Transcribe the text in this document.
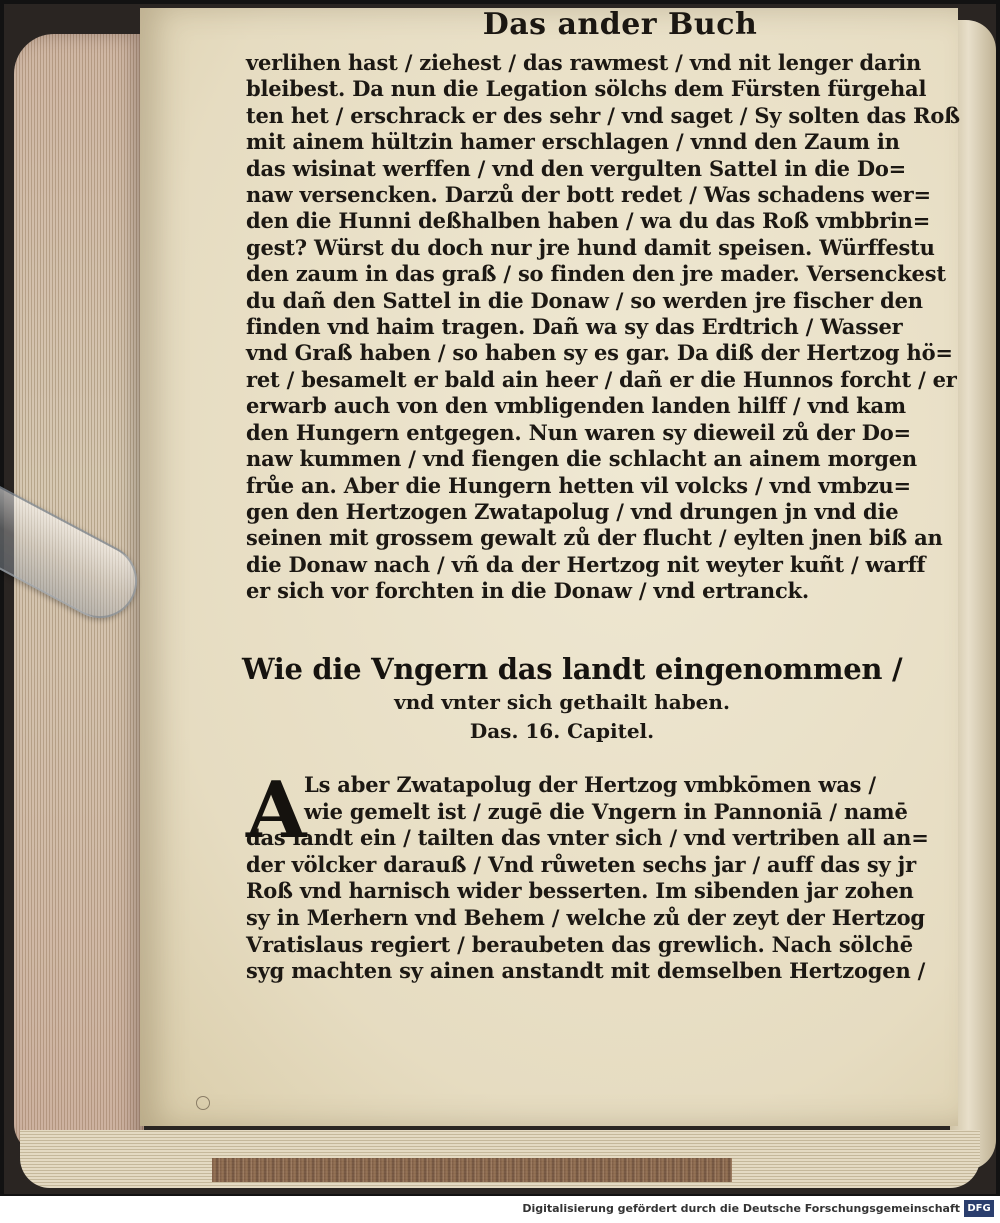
Das ander Buch
verlihen hast / ziehest / das rawmest / vnd nit lenger darin
bleibest. Da nun die Legation sölchs dem Fürsten fürgehal
ten het / erschrack er des sehr / vnd saget / Sy solten das Roß
mit ainem hültzin hamer erschlagen / vnnd den Zaum in
das wisinat werffen / vnd den vergulten Sattel in die Do=
naw versencken. Darzů der bott redet / Was schadens wer=
den die Hunni deßhalben haben / wa du das Roß vmbbrin=
gest? Würst du doch nur jre hund damit speisen. Würffestu
den zaum in das graß / so finden den jre mader. Versenckest
du dañ den Sattel in die Donaw / so werden jre fischer den
finden vnd haim tragen. Dañ wa sy das Erdtrich / Wasser
vnd Graß haben / so haben sy es gar. Da diß der Hertzog hö=
ret / besamelt er bald ain heer / dañ er die Hunnos forcht / er
erwarb auch von den vmbligenden landen hilff / vnd kam
den Hungern entgegen. Nun waren sy dieweil zů der Do=
naw kummen / vnd fiengen die schlacht an ainem morgen
frůe an. Aber die Hungern hetten vil volcks / vnd vmbzu=
gen den Hertzogen Zwatapolug / vnd drungen jn vnd die
seinen mit grossem gewalt zů der flucht / eylten jnen biß an
die Donaw nach / vñ da der Hertzog nit weyter kuñt / warff
er sich vor forchten in die Donaw / vnd ertranck.
Wie die Vngern das landt eingenommen /
vnd vnter sich gethailt haben.
Das. 16. Capitel.
A
Ls aber Zwatapolug der Hertzog vmbkōmen was /
wie gemelt ist / zugē die Vngern in Pannoniā / namē
das landt ein / tailten das vnter sich / vnd vertriben all an=
der völcker darauß / Vnd růweten sechs jar / auff das sy jr
Roß vnd harnisch wider besserten. Im sibenden jar zohen
sy in Merhern vnd Behem / welche zů der zeyt der Hertzog
Vratislaus regiert / beraubeten das grewlich. Nach sölchē
syg machten sy ainen anstandt mit demselben Hertzogen /
Digitalisierung gefördert durch die Deutsche Forschungsgemeinschaft DFG
